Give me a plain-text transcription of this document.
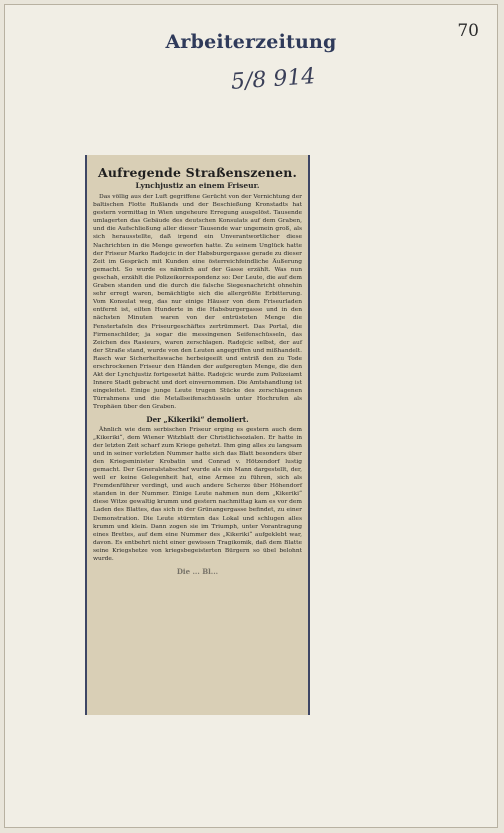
70
Arbeiterzeitung
5/8 914
Aufregende Straßenszenen.
Lynchjustiz an einem Friseur.

Das völlig aus der Luft gegriffene Gerücht von der Vernichtung der baltischen Flotte Rußlands und der Beschießung Kronstadts hat gestern vormittag in Wien ungeheure Erregung ausgelöst. Tausende umlagerten das Gebäude des deutschen Konsulats auf dem Graben, und die Aufschließung aller dieser Tausende war ungemein groß, als sich herausstellte, daß irgend ein Unverantwortlicher diese Nachrichten in die Menge geworfen hatte. Zu seinem Unglück hatte der Friseur Marko Radojcic in der Habsburgergasse gerade zu dieser Zeit im Gespräch mit Kunden eine österreichfeindliche Äußerung gemacht. So wurde es nämlich auf der Gasse erzählt. Was nun geschah, erzählt die Polizeikorrespondenz so: Der Leute, die auf dem Graben standen und die durch die falsche Siegesnachricht ohnehin sehr erregt waren, bemächtigte sich die allergrößte Erbitterung. Vom Konsulat weg, das nur einige Häuser von dem Friseurladen entfernt ist, eilten Hunderte in die Habsburgergasse und in den nächsten Minuten waren von der entrüsteten Menge die Fenstertafeln des Friseurgeschäftes zertrümmert. Das Portal, die Firmenschilder, ja sogar die messingenen Seifenschüsseln, das Zeichen des Rasieurs, waren zerschlagen. Radojcic selbst, der auf der Straße stand, wurde von den Leuten angegriffen und mißhandelt. Rasch war Sicherheitswache herbeigeeilt und entriß den zu Tode erschrockenen Friseur den Händen der aufgeregten Menge, die den Akt der Lynchjustiz fortgesetzt hätte. Radojcic wurde zum Polizeiamt Innere Stadt gebracht und dort einvernommen. Die Amtshandlung ist eingeleitet. Einige junge Leute trugen Stücke des zerschlagenen Türrahmens und die Metallseifenschüsseln unter Hochrufen als Trophäen über den Graben.

Der „Kikeriki“ demoliert.

Ähnlich wie dem serbischen Friseur erging es gestern auch dem „Kikeriki“, dem Wiener Witzblatt der Christlichsozialen. Er hatte in der letzten Zeit scharf zum Kriege gehetzt. Ihm ging alles zu langsam und in seiner vorletzten Nummer hatte sich das Blatt besonders über den Kriegsminister Krobatin und Conrad v. Hötzendorf lustig gemacht. Der Generalstabschef wurde als ein Mann dargestellt, der, weil er keine Gelegenheit hat, eine Armee zu führen, sich als Fremdenführer verdingt, und auch andere Scherze über Höhendorf standen in der Nummer. Einige Leute nahmen nun dem „Kikeriki“ diese Witze gewaltig krumm und gestern nachmittag kam es vor dem Laden des Blattes, das sich in der Grünangergasse befindet, zu einer Demonstration. Die Leute stürmten das Lokal und schlugen alles krumm und klein. Dann zogen sie im Triumph, unter Vorantragung eines Brettes, auf dem eine Nummer des „Kikeriki“ aufgeklebt war, davon. Es entbehrt nicht einer gewissen Tragikomik, daß dem Blatte seine Kriegshetze von kriegsbegeisterten Bürgern so übel belohnt wurde.

Die ... Bl...
